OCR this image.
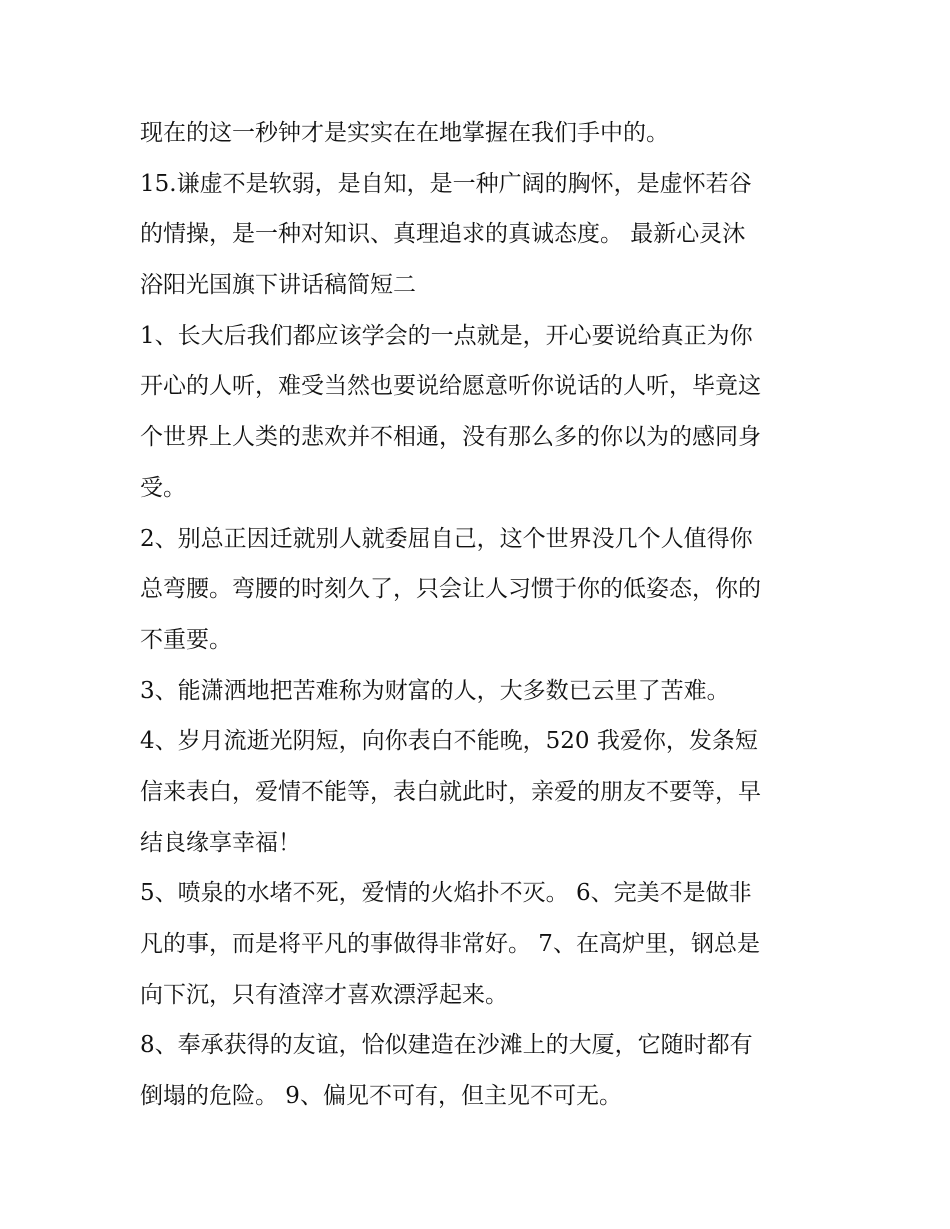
现在的这一秒钟才是实实在在地掌握在我们手中的。
15.谦虚不是软弱，是自知，是一种广阔的胸怀，是虚怀若谷
的情操，是一种对知识、真理追求的真诚态度。 最新心灵沐
浴阳光国旗下讲话稿简短二
1、长大后我们都应该学会的一点就是，开心要说给真正为你
开心的人听，难受当然也要说给愿意听你说话的人听，毕竟这
个世界上人类的悲欢并不相通，没有那么多的你以为的感同身
受。
2、别总正因迁就别人就委屈自己，这个世界没几个人值得你
总弯腰。弯腰的时刻久了，只会让人习惯于你的低姿态，你的
不重要。
3、能潇洒地把苦难称为财富的人，大多数已云里了苦难。
4、岁月流逝光阴短，向你表白不能晚，520 我爱你，发条短
信来表白，爱情不能等，表白就此时，亲爱的朋友不要等，早
结良缘享幸福！
5、喷泉的水堵不死，爱情的火焰扑不灭。 6、完美不是做非
凡的事，而是将平凡的事做得非常好。 7、在高炉里，钢总是
向下沉，只有渣滓才喜欢漂浮起来。
8、奉承获得的友谊，恰似建造在沙滩上的大厦，它随时都有
倒塌的危险。 9、偏见不可有，但主见不可无。
